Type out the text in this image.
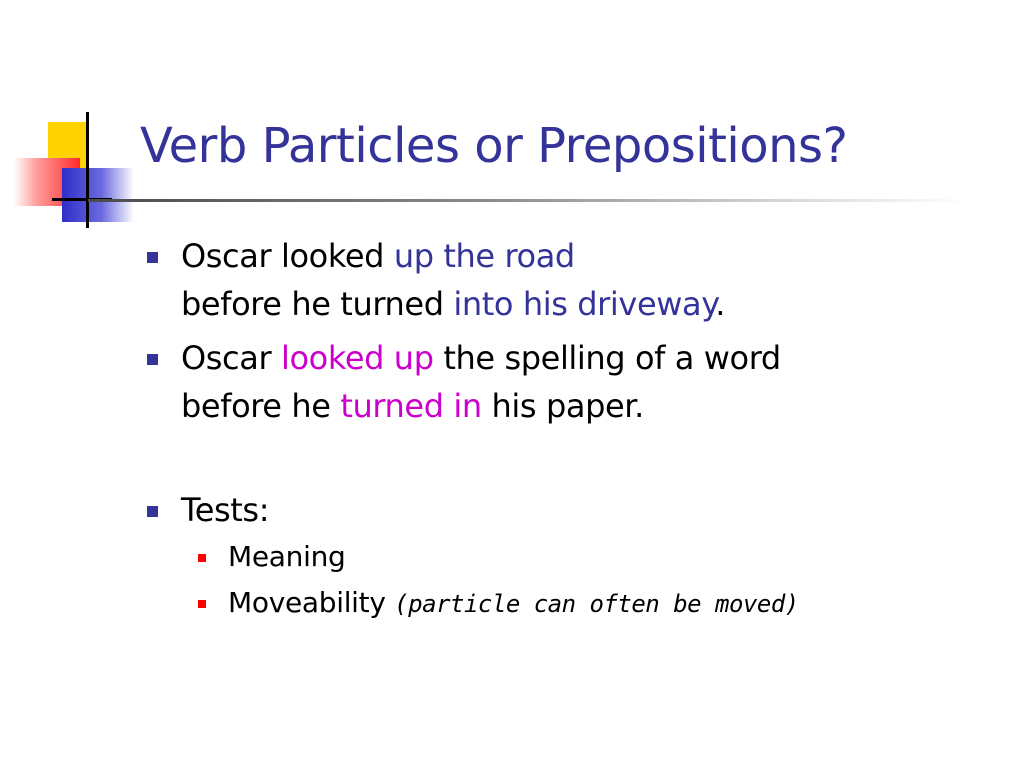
Verb Particles or Prepositions?
Oscar looked up the road
before he turned into his driveway.
Oscar looked up the spelling of a word
before he turned in his paper.
Tests:
Meaning
Moveability (particle can often be moved)
